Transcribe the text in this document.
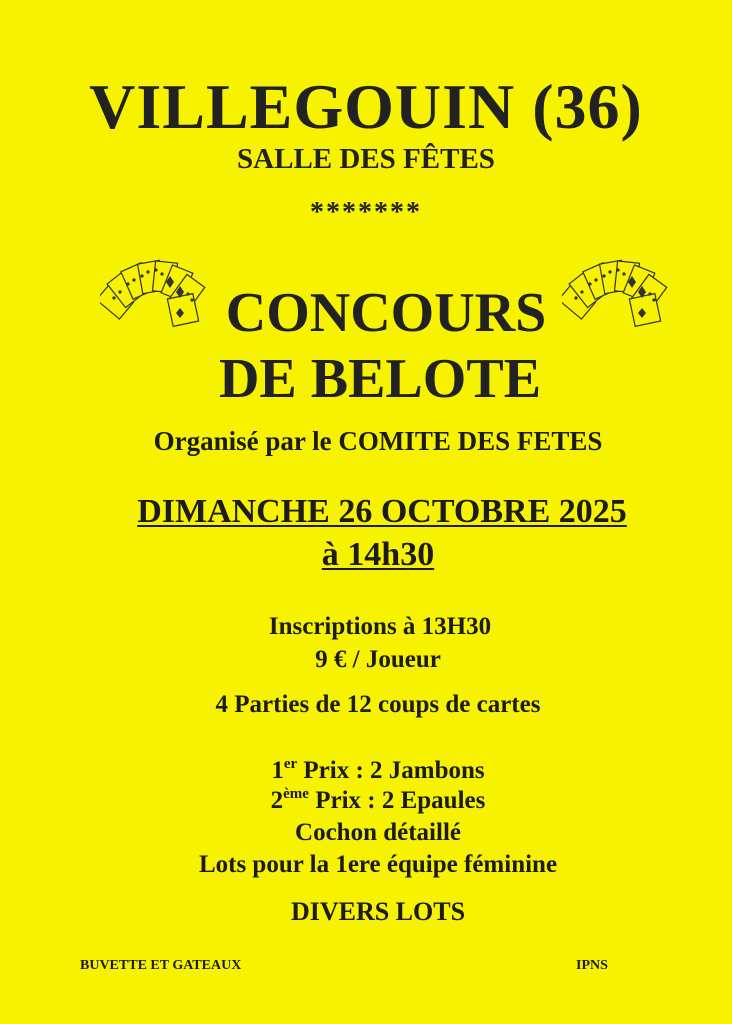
VILLEGOUIN (36)
SALLE DES FÊTES
*******
CONCOURS
DE BELOTE
Organisé par le COMITE DES FETES
DIMANCHE 26 OCTOBRE 2025
à 14h30
Inscriptions à 13H30
9 € / Joueur
4 Parties de 12 coups de cartes
1er Prix : 2 Jambons
2ème Prix : 2 Epaules
Cochon détaillé
Lots pour la 1ere équipe féminine
DIVERS LOTS
BUVETTE ET GATEAUX	IPNS
